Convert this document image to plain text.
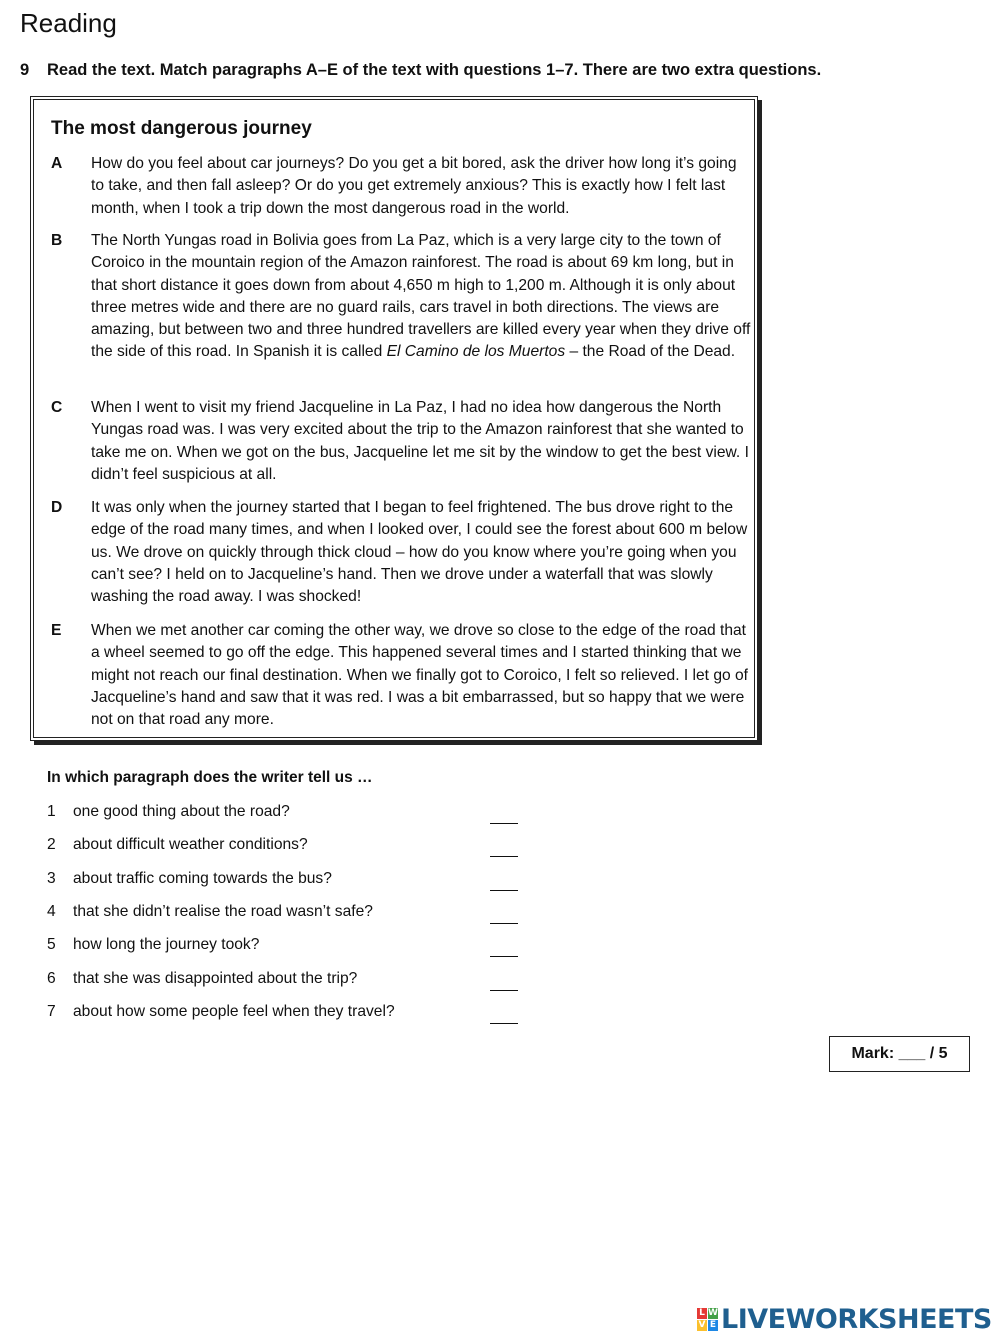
Reading
9 Read the text. Match paragraphs A–E of the text with questions 1–7. There are two extra questions.
The most dangerous journey
A	How do you feel about car journeys? Do you get a bit bored, ask the driver how long it’s going to take, and then fall asleep? Or do you get extremely anxious? This is exactly how I felt last month, when I took a trip down the most dangerous road in the world.
B	The North Yungas road in Bolivia goes from La Paz, which is a very large city to the town of Coroico in the mountain region of the Amazon rainforest. The road is about 69 km long, but in that short distance it goes down from about 4,650 m high to 1,200 m. Although it is only about three metres wide and there are no guard rails, cars travel in both directions. The views are amazing, but between two and three hundred travellers are killed every year when they drive off the side of this road. In Spanish it is called El Camino de los Muertos – the Road of the Dead.
C	When I went to visit my friend Jacqueline in La Paz, I had no idea how dangerous the North Yungas road was. I was very excited about the trip to the Amazon rainforest that she wanted to take me on. When we got on the bus, Jacqueline let me sit by the window to get the best view. I didn’t feel suspicious at all.
D	It was only when the journey started that I began to feel frightened. The bus drove right to the edge of the road many times, and when I looked over, I could see the forest about 600 m below us. We drove on quickly through thick cloud – how do you know where you’re going when you can’t see? I held on to Jacqueline’s hand. Then we drove under a waterfall that was slowly washing the road away. I was shocked!
E	When we met another car coming the other way, we drove so close to the edge of the road that a wheel seemed to go off the edge. This happened several times and I started thinking that we might not reach our final destination. When we finally got to Coroico, I felt so relieved. I let go of Jacqueline’s hand and saw that it was red. I was a bit embarrassed, but so happy that we were not on that road any more.
In which paragraph does the writer tell us …
1	one good thing about the road?
2	about difficult weather conditions?
3	about traffic coming towards the bus?
4	that she didn’t realise the road wasn’t safe?
5	how long the journey took?
6	that she was disappointed about the trip?
7	about how some people feel when they travel?
Mark: ___ / 5
L W
V E LIVEWORKSHEETS
